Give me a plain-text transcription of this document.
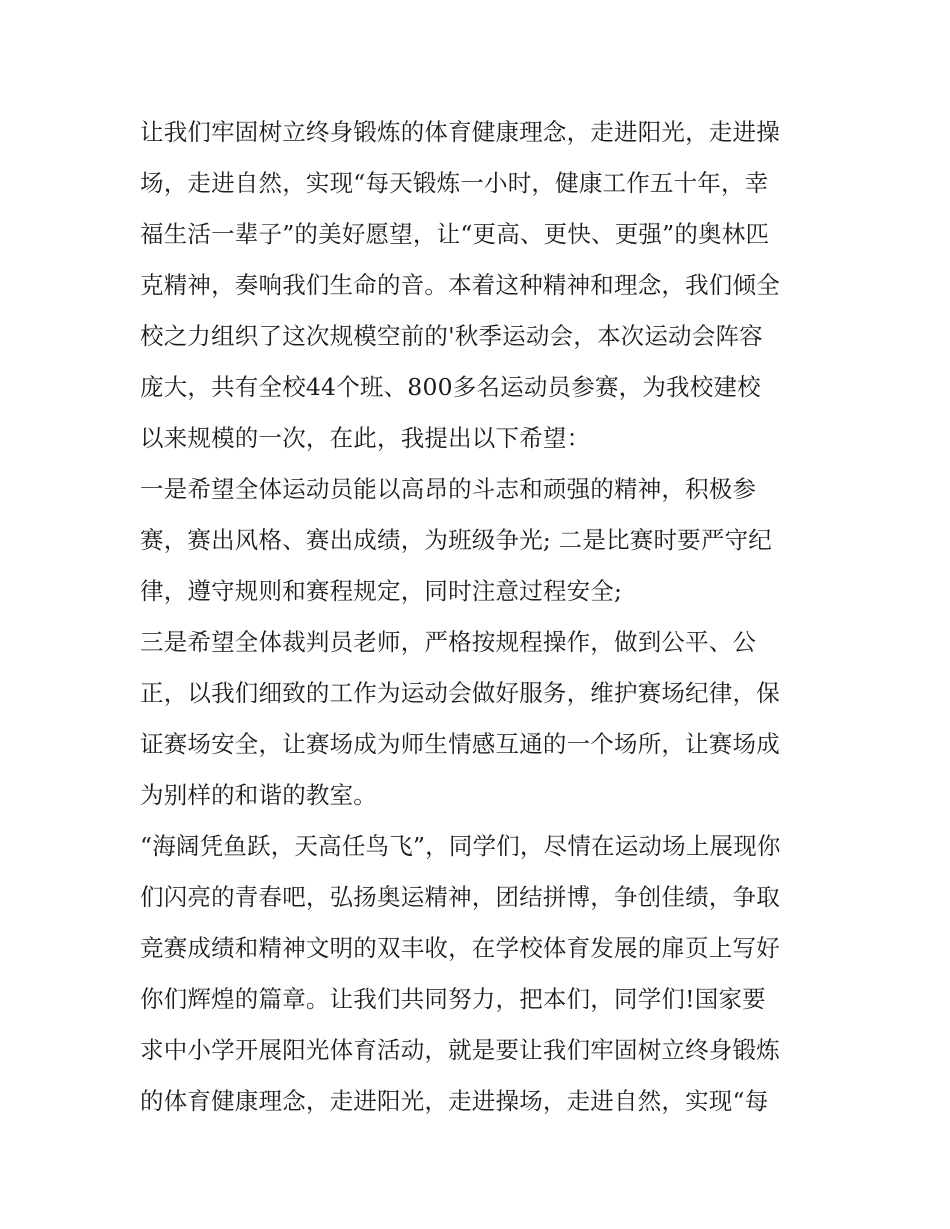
让我们牢固树立终身锻炼的体育健康理念，走进阳光，走进操
场，走进自然，实现“每天锻炼一小时，健康工作五十年，幸
福生活一辈子”的美好愿望，让“更高、更快、更强”的奥林匹
克精神，奏响我们生命的音。本着这种精神和理念，我们倾全
校之力组织了这次规模空前的'秋季运动会，本次运动会阵容
庞大，共有全校44个班、800多名运动员参赛，为我校建校
以来规模的一次，在此，我提出以下希望：
一是希望全体运动员能以高昂的斗志和顽强的精神，积极参
赛，赛出风格、赛出成绩，为班级争光; 二是比赛时要严守纪
律，遵守规则和赛程规定，同时注意过程安全;
三是希望全体裁判员老师，严格按规程操作，做到公平、公
正，以我们细致的工作为运动会做好服务，维护赛场纪律，保
证赛场安全，让赛场成为师生情感互通的一个场所，让赛场成
为别样的和谐的教室。
“海阔凭鱼跃，天高任鸟飞”，同学们，尽情在运动场上展现你
们闪亮的青春吧，弘扬奥运精神，团结拼博，争创佳绩，争取
竞赛成绩和精神文明的双丰收，在学校体育发展的扉页上写好
你们辉煌的篇章。让我们共同努力，把本们，同学们!国家要
求中小学开展阳光体育活动，就是要让我们牢固树立终身锻炼
的体育健康理念，走进阳光，走进操场，走进自然，实现“每
